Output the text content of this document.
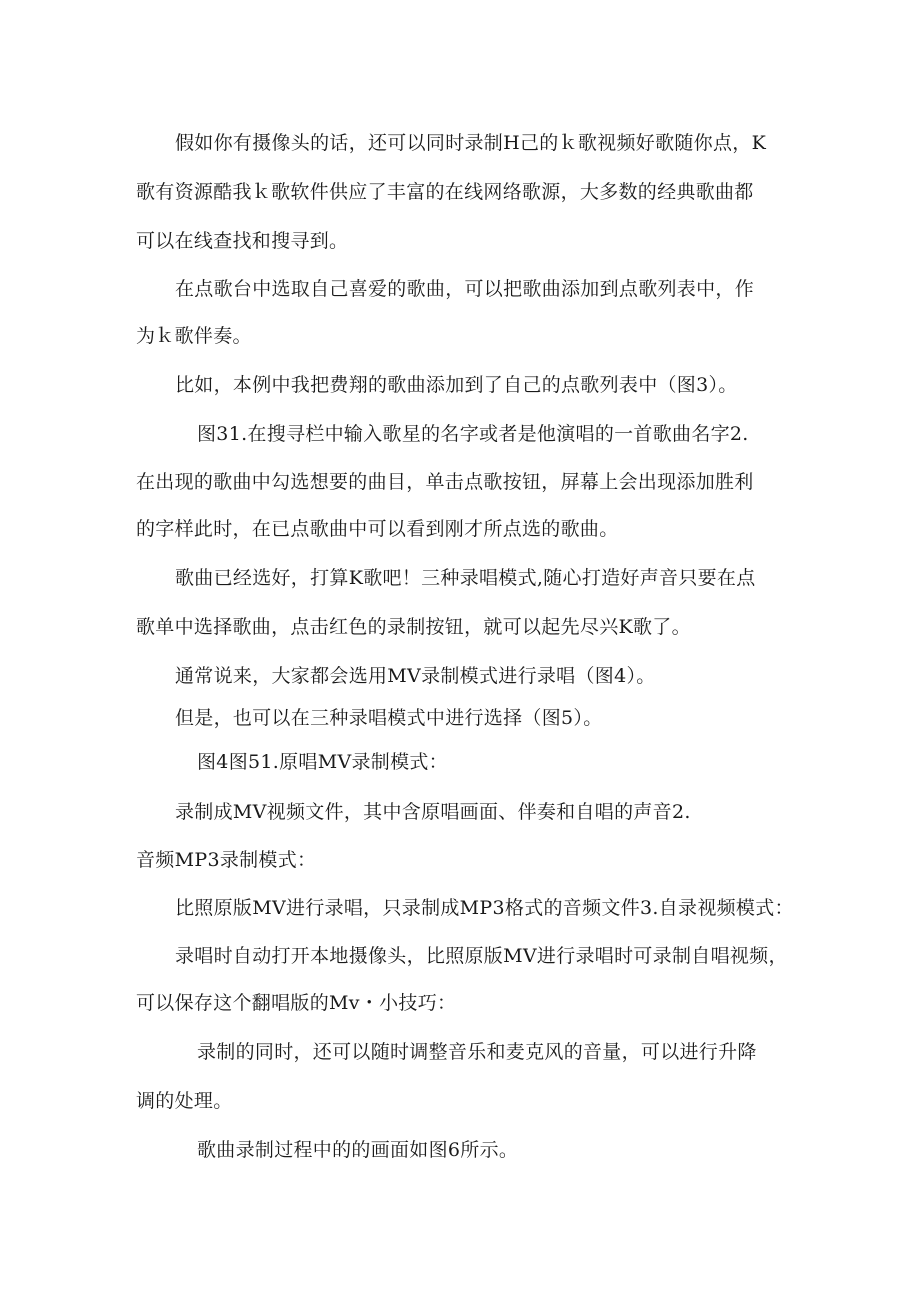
假如你有摄像头的话，还可以同时录制H己的ｋ歌视频好歌随你点，K
歌有资源酷我ｋ歌软件供应了丰富的在线网络歌源，大多数的经典歌曲都
可以在线查找和搜寻到。
在点歌台中选取自己喜爱的歌曲，可以把歌曲添加到点歌列表中，作
为ｋ歌伴奏。
比如，本例中我把费翔的歌曲添加到了自己的点歌列表中（图3）。
图31.在搜寻栏中输入歌星的名字或者是他演唱的一首歌曲名字2.
在出现的歌曲中勾选想要的曲目，单击点歌按钮，屏幕上会出现添加胜利
的字样此时，在已点歌曲中可以看到刚才所点选的歌曲。
歌曲已经选好，打算K歌吧！三种录唱模式,随心打造好声音只要在点
歌单中选择歌曲，点击红色的录制按钮，就可以起先尽兴K歌了。
通常说来，大家都会选用MV录制模式进行录唱（图4）。
但是，也可以在三种录唱模式中进行选择（图5）。
图4图51.原唱MV录制模式：
录制成MV视频文件，其中含原唱画面、伴奏和自唱的声音2.
音频MP3录制模式：
比照原版MV进行录唱，只录制成MP3格式的音频文件3.自录视频模式：
录唱时自动打开本地摄像头，比照原版MV进行录唱时可录制自唱视频，
可以保存这个翻唱版的Mv・小技巧：
录制的同时，还可以随时调整音乐和麦克风的音量，可以进行升降
调的处理。
歌曲录制过程中的的画面如图6所示。
